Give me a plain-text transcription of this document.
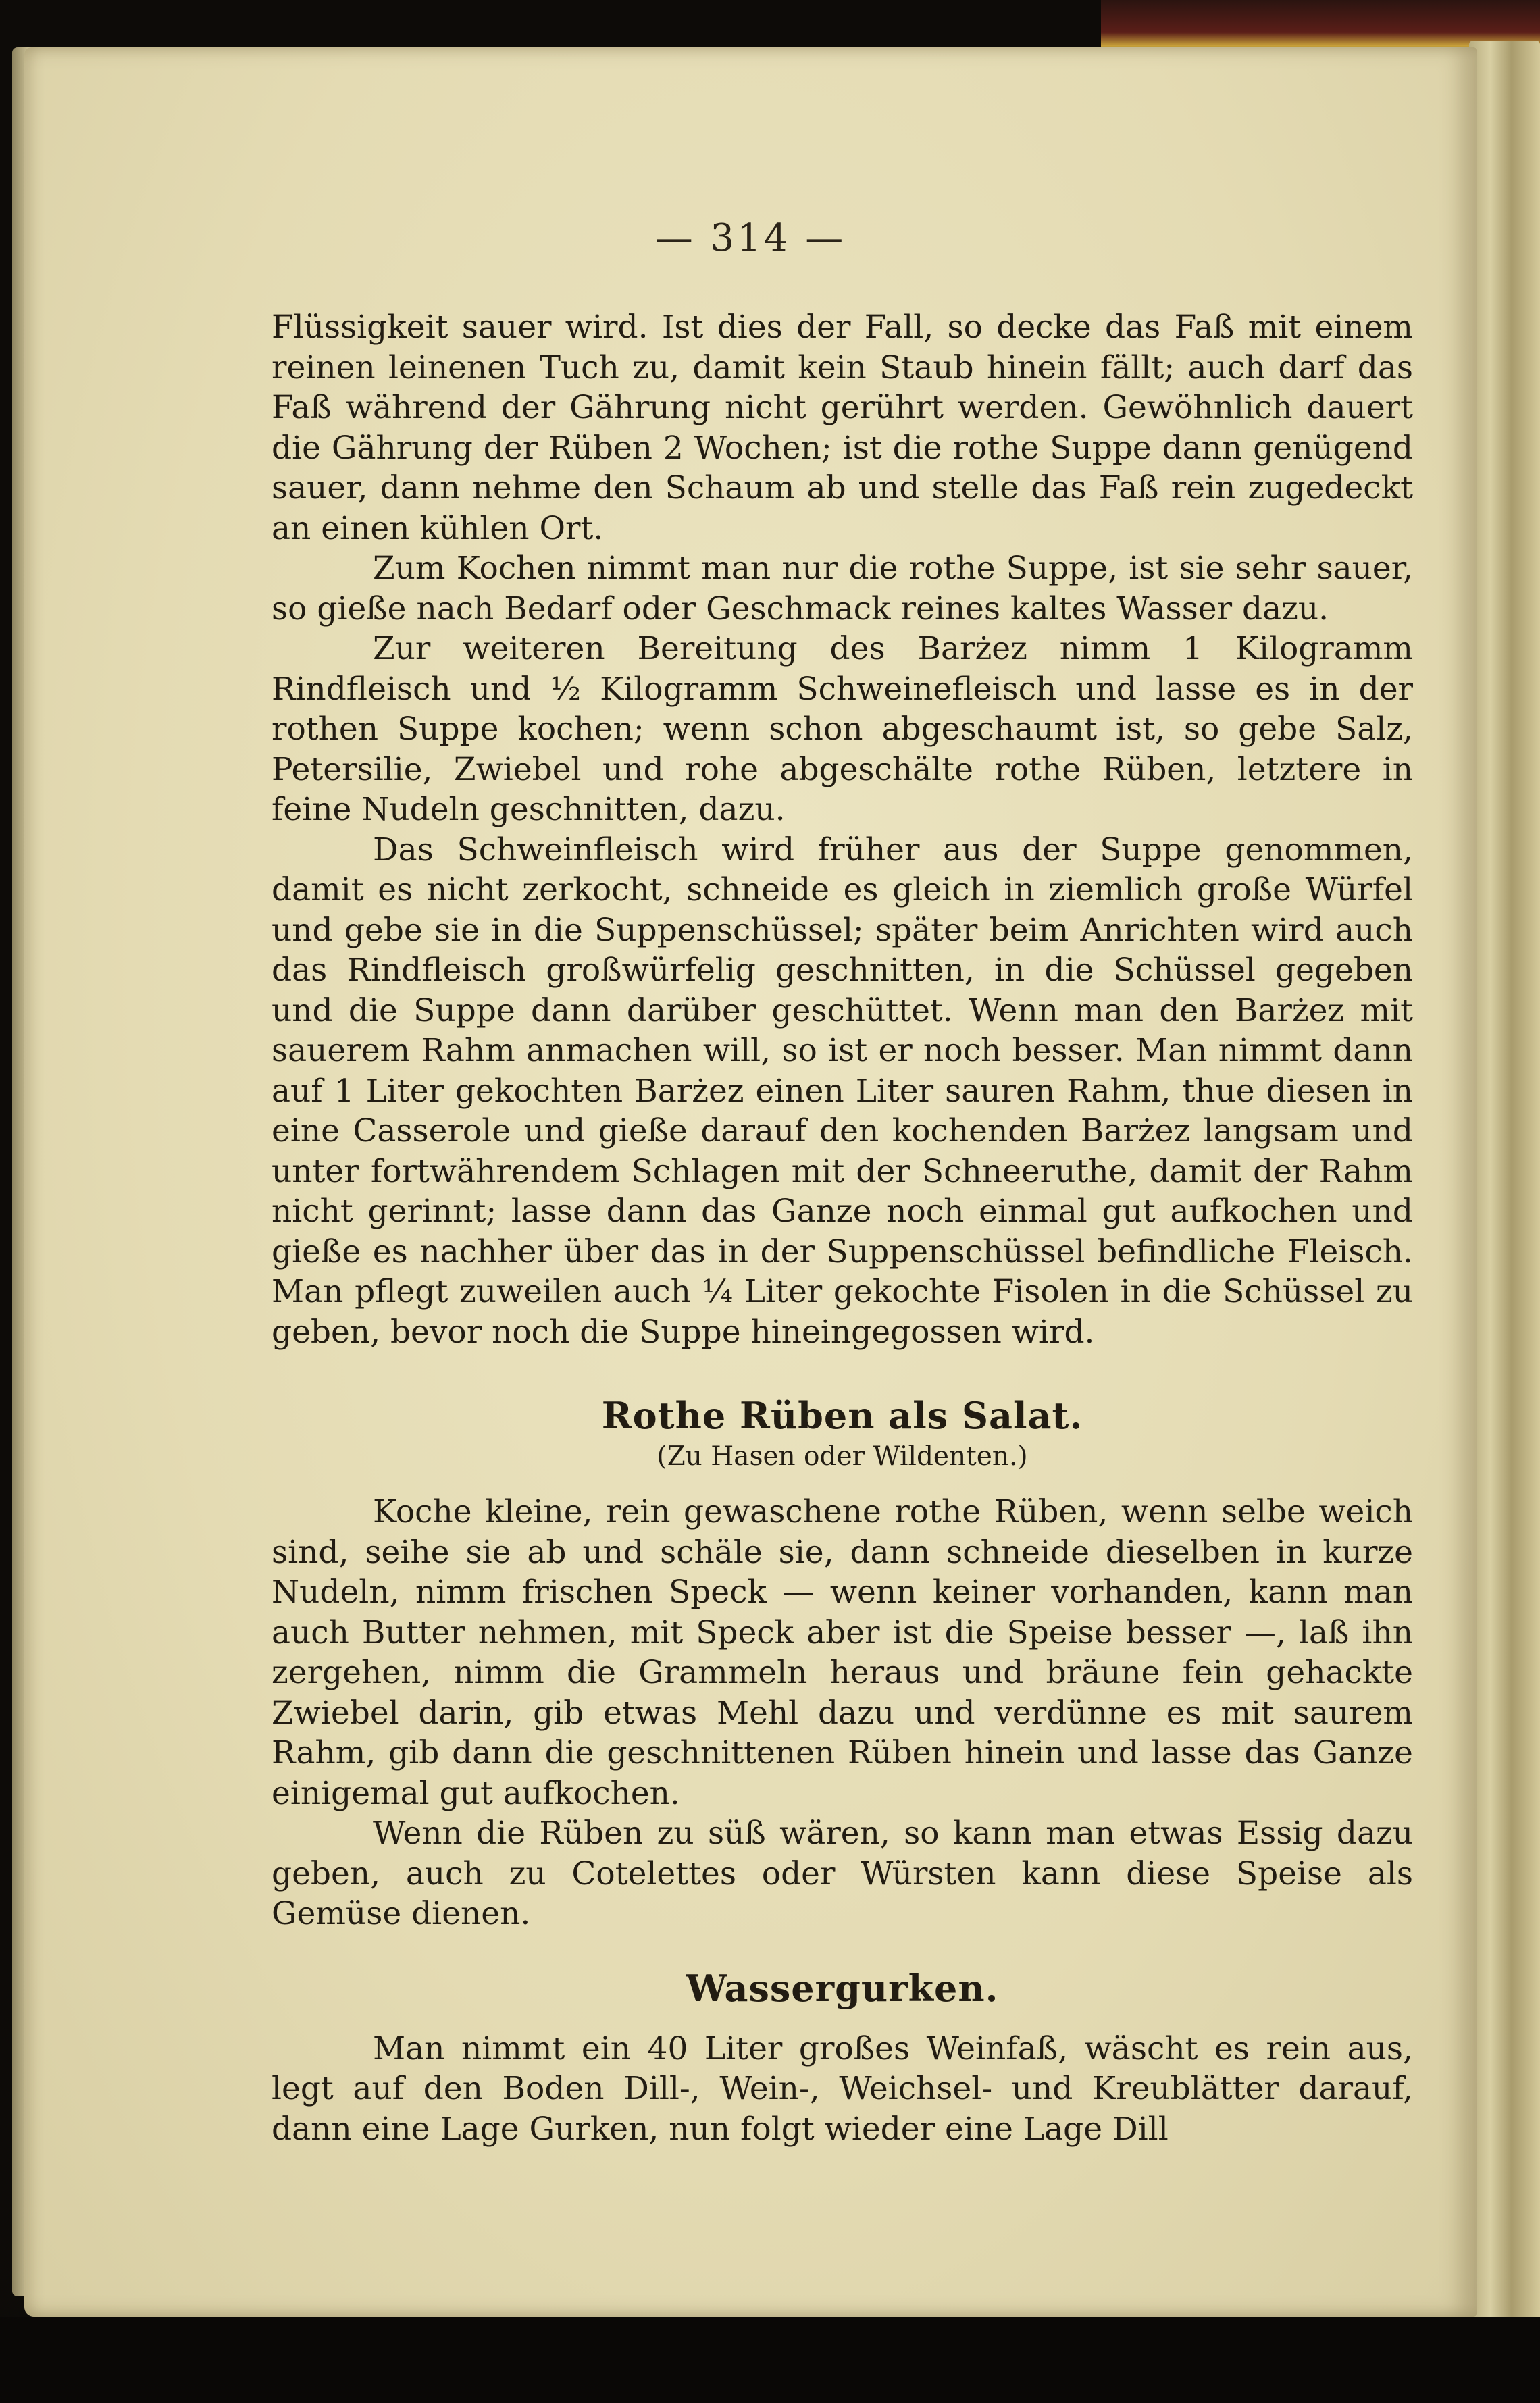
— 314 —

Flüssigkeit sauer wird. Ist dies der Fall, so decke das Faß mit einem reinen leinenen Tuch zu, damit kein Staub hinein fällt; auch darf das Faß während der Gährung nicht gerührt werden. Gewöhnlich dauert die Gährung der Rüben 2 Wochen; ist die rothe Suppe dann genügend sauer, dann nehme den Schaum ab und stelle das Faß rein zugedeckt an einen kühlen Ort.

Zum Kochen nimmt man nur die rothe Suppe, ist sie sehr sauer, so gieße nach Bedarf oder Geschmack reines kaltes Wasser dazu.

Zur weiteren Bereitung des Barżez nimm 1 Kilogramm Rindfleisch und ½ Kilogramm Schweinefleisch und lasse es in der rothen Suppe kochen; wenn schon abgeschaumt ist, so gebe Salz, Petersilie, Zwiebel und rohe abgeschälte rothe Rüben, letztere in feine Nudeln geschnitten, dazu.

Das Schweinfleisch wird früher aus der Suppe genommen, damit es nicht zerkocht, schneide es gleich in ziemlich große Würfel und gebe sie in die Suppenschüssel; später beim Anrichten wird auch das Rindfleisch großwürfelig geschnitten, in die Schüssel gegeben und die Suppe dann darüber geschüttet. Wenn man den Barżez mit sauerem Rahm anmachen will, so ist er noch besser. Man nimmt dann auf 1 Liter gekochten Barżez einen Liter sauren Rahm, thue diesen in eine Casserole und gieße darauf den kochenden Barżez langsam und unter fortwährendem Schlagen mit der Schneeruthe, damit der Rahm nicht gerinnt; lasse dann das Ganze noch einmal gut aufkochen und gieße es nachher über das in der Suppenschüssel befindliche Fleisch. Man pflegt zuweilen auch ¼ Liter gekochte Fisolen in die Schüssel zu geben, bevor noch die Suppe hineingegossen wird.

Rothe Rüben als Salat.
(Zu Hasen oder Wildenten.)

Koche kleine, rein gewaschene rothe Rüben, wenn selbe weich sind, seihe sie ab und schäle sie, dann schneide dieselben in kurze Nudeln, nimm frischen Speck — wenn keiner vorhanden, kann man auch Butter nehmen, mit Speck aber ist die Speise besser —, laß ihn zergehen, nimm die Grammeln heraus und bräune fein gehackte Zwiebel darin, gib etwas Mehl dazu und verdünne es mit saurem Rahm, gib dann die geschnittenen Rüben hinein und lasse das Ganze einigemal gut aufkochen.

Wenn die Rüben zu süß wären, so kann man etwas Essig dazu geben, auch zu Cotelettes oder Würsten kann diese Speise als Gemüse dienen.

Wassergurken.

Man nimmt ein 40 Liter großes Weinfaß, wäscht es rein aus, legt auf den Boden Dill-, Wein-, Weichsel- und Kreublätter darauf, dann eine Lage Gurken, nun folgt wieder eine Lage Dill
